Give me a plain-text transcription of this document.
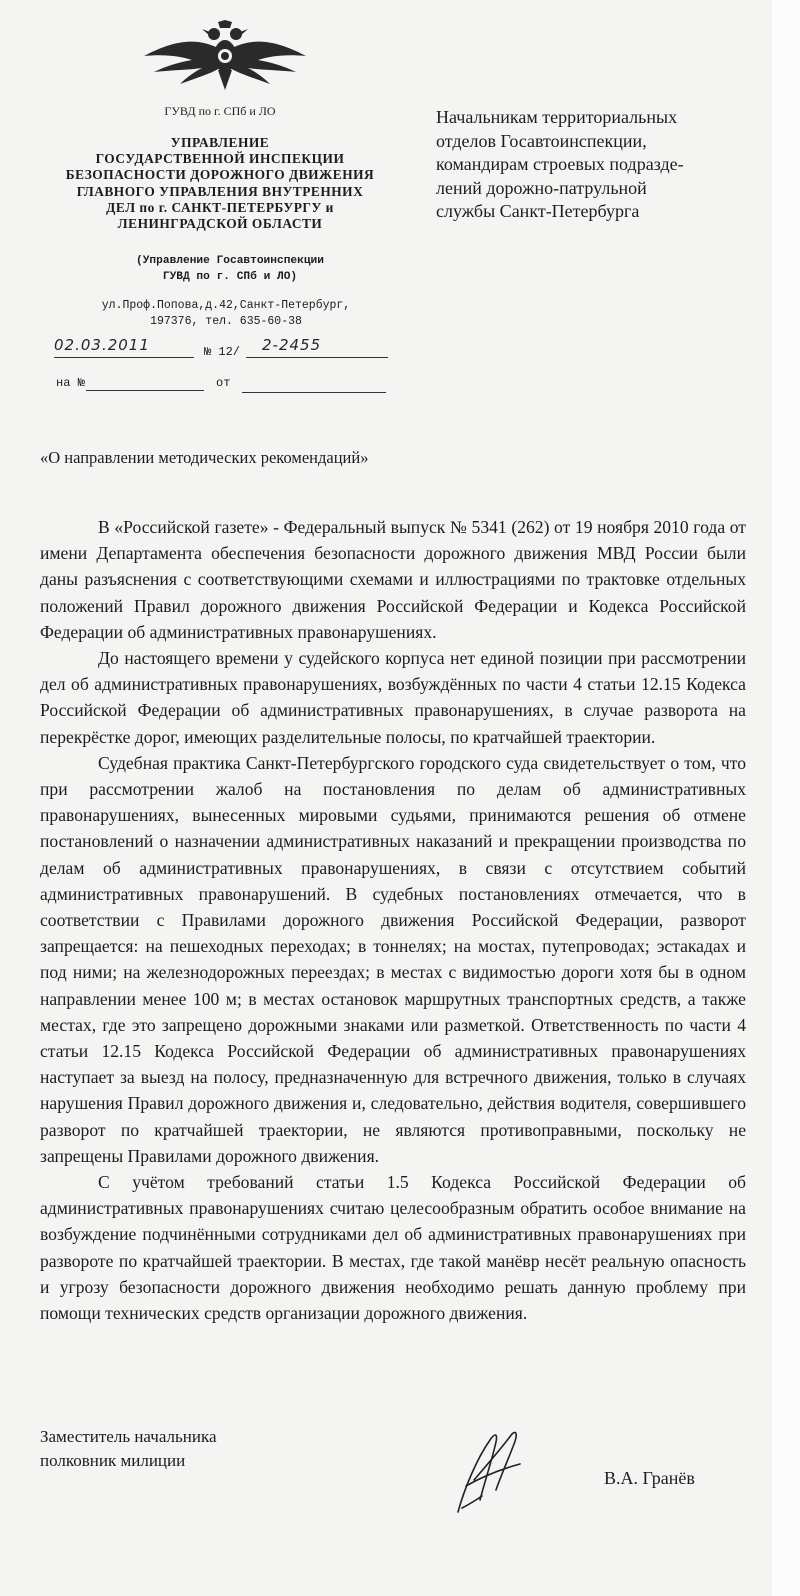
ГУВД по г. СПб и ЛО
УПРАВЛЕНИЕ
ГОСУДАРСТВЕННОЙ ИНСПЕКЦИИ
БЕЗОПАСНОСТИ ДОРОЖНОГО ДВИЖЕНИЯ
ГЛАВНОГО УПРАВЛЕНИЯ ВНУТРЕННИХ
ДЕЛ по г. САНКТ-ПЕТЕРБУРГУ и
ЛЕНИНГРАДСКОЙ ОБЛАСТИ
(Управление Госавтоинспекции
ГУВД по г. СПб и ЛО)
ул.Проф.Попова,д.42,Санкт-Петербург,
197376, тел. 635-60-38
02.03.2011	№ 12/ 2-2455
на №	от
Начальникам территориальных
отделов Госавтоинспекции,
командирам строевых подразде-
лений дорожно-патрульной
службы Санкт-Петербурга
«О направлении методических рекомендаций»

В «Российской газете» - Федеральный выпуск № 5341 (262) от 19 ноября 2010 года от имени Департамента обеспечения безопасности дорожного движения МВД России были даны разъяснения с соответствующими схемами и иллюстрациями по трактовке отдельных положений Правил дорожного движения Российской Федерации и Кодекса Российской Федерации об административных правонарушениях.

До настоящего времени у судейского корпуса нет единой позиции при рассмотрении дел об административных правонарушениях, возбуждённых по части 4 статьи 12.15 Кодекса Российской Федерации об административных правонарушениях, в случае разворота на перекрёстке дорог, имеющих разделительные полосы, по кратчайшей траектории.

Судебная практика Санкт-Петербургского городского суда свидетельствует о том, что при рассмотрении жалоб на постановления по делам об административных правонарушениях, вынесенных мировыми судьями, принимаются решения об отмене постановлений о назначении административных наказаний и прекращении производства по делам об административных правонарушениях, в связи с отсутствием событий административных правонарушений. В судебных постановлениях отмечается, что в соответствии с Правилами дорожного движения Российской Федерации, разворот запрещается: на пешеходных переходах; в тоннелях; на мостах, путепроводах; эстакадах и под ними; на железнодорожных переездах; в местах с видимостью дороги хотя бы в одном направлении менее 100 м; в местах остановок маршрутных транспортных средств, а также местах, где это запрещено дорожными знаками или разметкой. Ответственность по части 4 статьи 12.15 Кодекса Российской Федерации об административных правонарушениях наступает за выезд на полосу, предназначенную для встречного движения, только в случаях нарушения Правил дорожного движения и, следовательно, действия водителя, совершившего разворот по кратчайшей траектории, не являются противоправными, поскольку не запрещены Правилами дорожного движения.

С учётом требований статьи 1.5 Кодекса Российской Федерации об административных правонарушениях считаю целесообразным обратить особое внимание на возбуждение подчинёнными сотрудниками дел об административных правонарушениях при развороте по кратчайшей траектории. В местах, где такой манёвр несёт реальную опасность и угрозу безопасности дорожного движения необходимо решать данную проблему при помощи технических средств организации дорожного движения.

Заместитель начальника
полковник милиции
В.А. Гранёв
